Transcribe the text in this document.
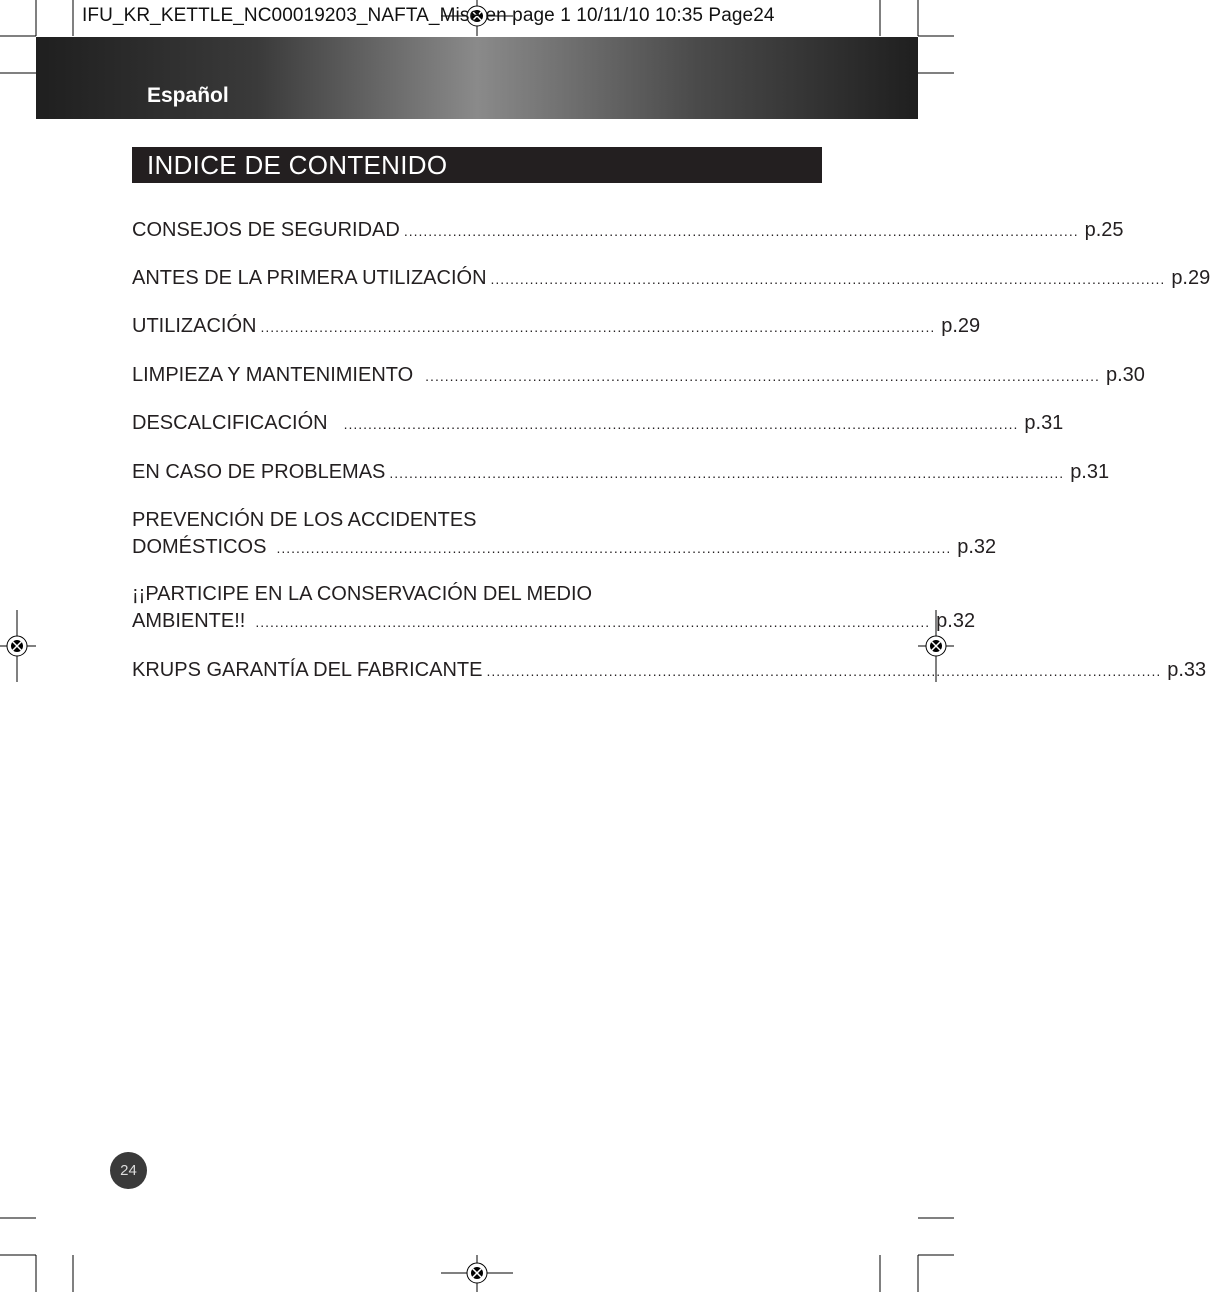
IFU_KR_KETTLE_NC00019203_NAFTA_Mise en page 1 10/11/10 10:35 Page24
Español
INDICE DE CONTENIDO
CONSEJOS DE SEGURIDAD .......................................................................................................................................... p. 25
ANTES DE LA PRIMERA UTILIZACIÓN .......................................................................................................................................... p. 29
UTILIZACIÓN .......................................................................................................................................... p. 29
LIMPIEZA Y MANTENIMIENTO .......................................................................................................................................... p. 30
DESCALCIFICACIÓN .......................................................................................................................................... p. 31
EN CASO DE PROBLEMAS .......................................................................................................................................... p. 31
PREVENCIÓN DE LOS ACCIDENTES
DOMÉSTICOS .......................................................................................................................................... p. 32
¡¡PARTICIPE EN LA CONSERVACIÓN DEL MEDIO
AMBIENTE!! .......................................................................................................................................... p. 32
KRUPS GARANTÍA DEL FABRICANTE .......................................................................................................................................... p. 33
24
